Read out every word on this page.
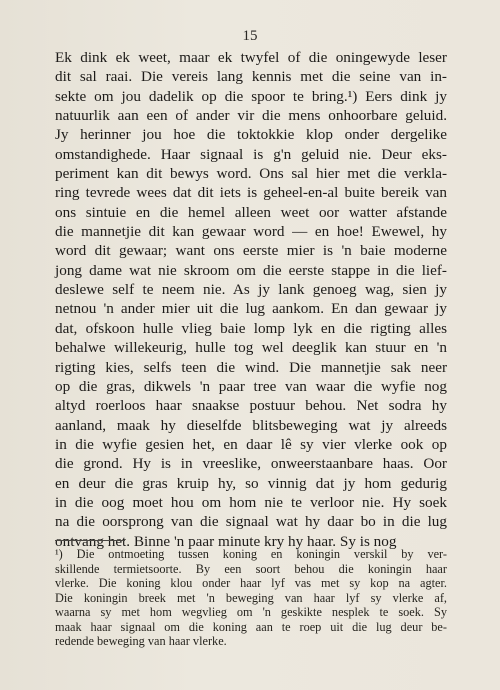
15
Ek dink ek weet, maar ek twyfel of die oningewyde leser
dit sal raai. Die vereis lang kennis met die seine van in-
sekte om jou dadelik op die spoor te bring.¹) Eers dink jy
natuurlik aan een of ander vir die mens onhoorbare geluid.
Jy herinner jou hoe die toktokkie klop onder dergelike
omstandighede. Haar signaal is g'n geluid nie. Deur eks-
periment kan dit bewys word. Ons sal hier met die verkla-
ring tevrede wees dat dit iets is geheel-en-al buite bereik van
ons sintuie en die hemel alleen weet oor watter afstande
die mannetjie dit kan gewaar word — en hoe! Ewewel, hy
word dit gewaar; want ons eerste mier is 'n baie moderne
jong dame wat nie skroom om die eerste stappe in die lief-
deslewe self te neem nie. As jy lank genoeg wag, sien jy
netnou 'n ander mier uit die lug aankom. En dan gewaar jy
dat, ofskoon hulle vlieg baie lomp lyk en die rigting alles
behalwe willekeurig, hulle tog wel deeglik kan stuur en 'n
rigting kies, selfs teen die wind. Die mannetjie sak neer
op die gras, dikwels 'n paar tree van waar die wyfie nog
altyd roerloos haar snaakse postuur behou. Net sodra hy
aanland, maak hy dieselfde blitsbeweging wat jy alreeds
in die wyfie gesien het, en daar lê sy vier vlerke ook op
die grond. Hy is in vreeslike, onweerstaanbare haas. Oor
en deur die gras kruip hy, so vinnig dat jy hom gedurig
in die oog moet hou om hom nie te verloor nie. Hy soek
na die oorsprong van die signaal wat hy daar bo in die lug
ontvang het. Binne 'n paar minute kry hy haar. Sy is nog
¹) Die ontmoeting tussen koning en koningin verskil by ver-
skillende termietsoorte. By een soort behou die koningin haar
vlerke. Die koning klou onder haar lyf vas met sy kop na agter.
Die koningin breek met 'n beweging van haar lyf sy vlerke af,
waarna sy met hom wegvlieg om 'n geskikte nesplek te soek. Sy
maak haar signaal om die koning aan te roep uit die lug deur be-
redende beweging van haar vlerke.
